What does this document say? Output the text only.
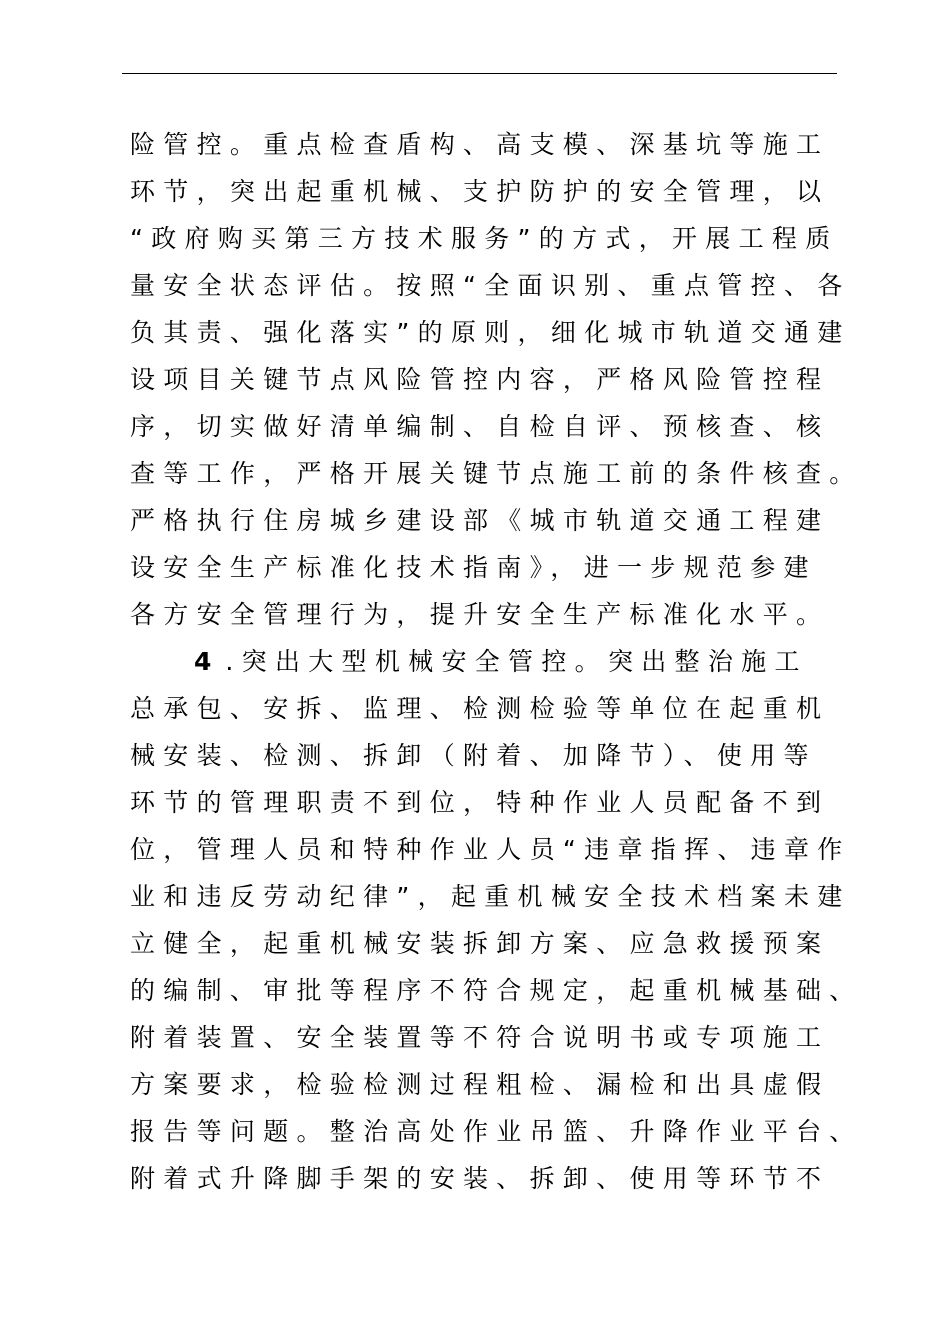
险管控。重点检查盾构、高支模、深基坑等施工
环节，突出起重机械、支护防护的安全管理，以
“政府购买第三方技术服务”的方式，开展工程质
量安全状态评估。按照“全面识别、重点管控、各
负其责、强化落实”的原则，细化城市轨道交通建
设项目关键节点风险管控内容，严格风险管控程
序，切实做好清单编制、自检自评、预核查、核
查等工作，严格开展关键节点施工前的条件核查。
严格执行住房城乡建设部《城市轨道交通工程建
设安全生产标准化技术指南》，进一步规范参建
各方安全管理行为，提升安全生产标准化水平。
4 .突出大型机械安全管控。突出整治施工
总承包、安拆、监理、检测检验等单位在起重机
械安装、检测、拆卸（附着、加降节）、使用等
环节的管理职责不到位，特种作业人员配备不到
位，管理人员和特种作业人员“违章指挥、违章作
业和违反劳动纪律”，起重机械安全技术档案未建
立健全，起重机械安装拆卸方案、应急救援预案
的编制、审批等程序不符合规定，起重机械基础、
附着装置、安全装置等不符合说明书或专项施工
方案要求，检验检测过程粗检、漏检和出具虚假
报告等问题。整治高处作业吊篮、升降作业平台、
附着式升降脚手架的安装、拆卸、使用等环节不
